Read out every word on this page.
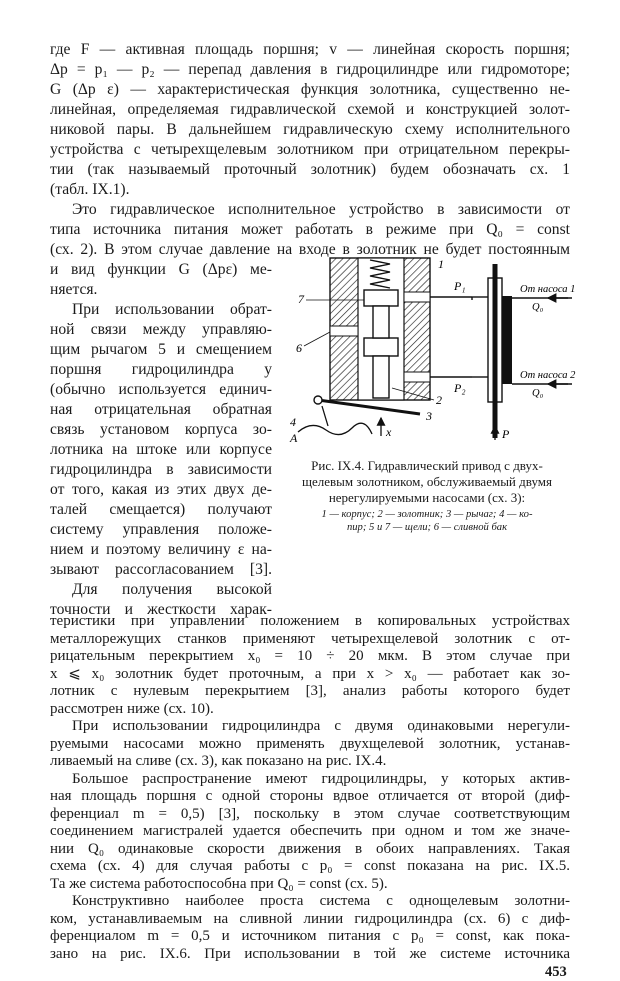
где F — активная площадь поршня; v — линейная скорость поршня;
Δp = p₁ — p₂ — перепад давления в гидроцилиндре или гидромоторе;
G (Δp ε) — характеристическая функция золотника, существенно не-
линейная, определяемая гидравлической схемой и конструкцией золот-
никовой пары. В дальнейшем гидравлическую схему исполнительного
устройства с четырехщелевым золотником при отрицательном перекры-
тии (так называемый проточный золотник) будем обозначать сх. 1
(табл. IX.1).
Это гидравлическое исполнительное устройство в зависимости от
типа источника питания может работать в режиме при Q₀ = const
(сх. 2). В этом случае давление на входе в золотник не будет постоянным
и вид функции G (Δpε) ме-
няется.
При использовании обрат-
ной связи между управляю-
щим рычагом 5 и смещением
поршня гидроцилиндра y
(обычно используется единич-
ная отрицательная обратная
связь установом корпуса зо-
лотника на штоке или корпусе
гидроцилиндра в зависимости
от того, какая из этих двух де-
талей смещается) получают
систему управления положе-
нием и поэтому величину ε на-
зывают рассогласованием [3].
Для получения высокой
точности и жесткости харак-
1
7
6
P₁
P₂
2
3
4
A	x	P
От насоса 1
Q₀
От насоса 2
Q₀
Рис. IX.4. Гидравлический привод с двух-
щелевым золотником, обслуживаемый двумя
нерегулируемыми насосами (сх. 3):
1 — корпус; 2 — золотник; 3 — рычаг; 4 — ко-
пир; 5 и 7 — щели; 6 — сливной бак
теристики при управлении положением в копировальных устройствах
металлорежущих станков применяют четырехщелевой золотник с от-
рицательным перекрытием x₀ = 10 ÷ 20 мкм. В этом случае при
x ⩽ x₀ золотник будет проточным, а при x > x₀ — работает как зо-
лотник с нулевым перекрытием [3], анализ работы которого будет
рассмотрен ниже (сх. 10).
При использовании гидроцилиндра с двумя одинаковыми нерегули-
руемыми насосами можно применять двухщелевой золотник, устанав-
ливаемый на сливе (сх. 3), как показано на рис. IX.4.
Большое распространение имеют гидроцилиндры, у которых актив-
ная площадь поршня с одной стороны вдвое отличается от второй (диф-
ференциал m = 0,5) [3], поскольку в этом случае соответствующим
соединением магистралей удается обеспечить при одном и том же значе-
нии Q₀ одинаковые скорости движения в обоих направлениях. Такая
схема (сх. 4) для случая работы с p₀ = const показана на рис. IX.5.
Та же система работоспособна при Q₀ = const (сх. 5).
453
Конструктивно наиболее проста система с однощелевым золотни-
ком, устанавливаемым на сливной линии гидроцилиндра (сх. 6) с диф-
ференциалом m = 0,5 и источником питания с p₀ = const, как пока-
зано на рис. IX.6. При использовании в той же системе источника
